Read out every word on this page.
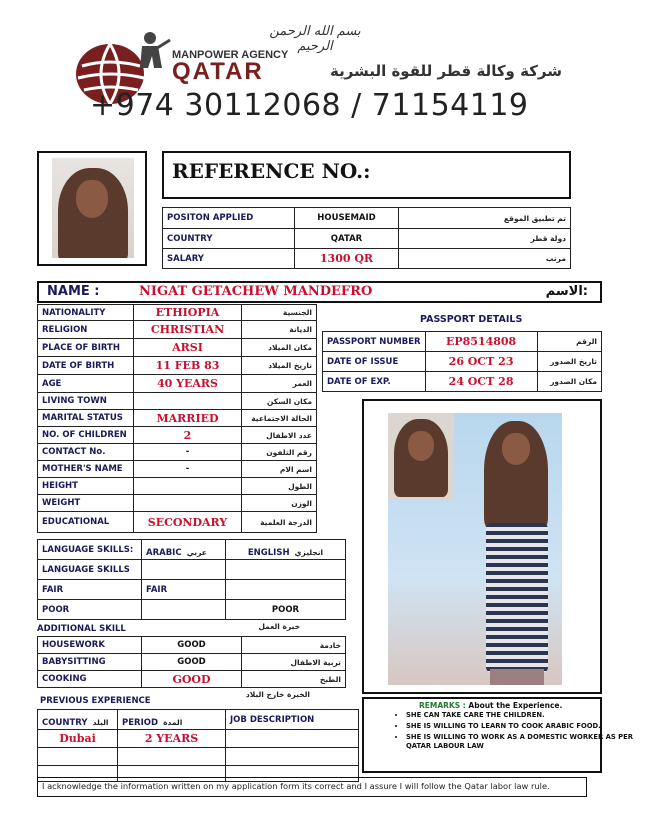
بسم الله الرحمن الرحيم
MANPOWER AGENCY
QATAR	شركة وكالة قطر للقوة البشرية
+974 30112068 / 71154119
REFERENCE NO.:
POSITON APPLIED	HOUSEMAID	تم تطبيق الموقع
COUNTRY	QATAR	دولة قطر
SALARY	1300 QR	مرتب
NAME :	NIGAT GETACHEW MANDEFRO	الاسم:
NATIONALITY	ETHIOPIA	الجنسية
RELIGION	CHRISTIAN	الديانة
PLACE OF BIRTH	ARSI	مكان الميلاد
DATE OF BIRTH	11 FEB 83	تاريخ الميلاد
AGE	40 YEARS	العمر
LIVING TOWN		مكان السكن
MARITAL STATUS	MARRIED	الحالة الاجتماعية
NO. OF CHILDREN	2	عدد الاطفال
CONTACT No.	-	رقم التلفون
MOTHER'S NAME	-	اسم الام
HEIGHT		الطول
WEIGHT		الوزن
EDUCATIONAL	SECONDARY	الدرجة العلمية
PASSPORT DETAILS
PASSPORT NUMBER	EP8514808	الرقم
DATE OF ISSUE	26 OCT 23	تاريخ الصدور
DATE OF EXP.	24 OCT 28	مكان الصدور
LANGUAGE SKILLS:	ARABIC عربي	ENGLISH انجليزي
LANGUAGE SKILLS		
FAIR	FAIR	
POOR		POOR
ADDITIONAL SKILL	خبرة العمل
HOUSEWORK	GOOD	خادمة
BABYSITTING	GOOD	تربية الاطفال
COOKING	GOOD	الطبخ
PREVIOUS EXPERIENCE
الخبرة خارج البلاد
COUNTRY البلد	PERIOD المدة	JOB DESCRIPTION
Dubai	2 YEARS	

REMARKS : About the Experience.
• SHE CAN TAKE CARE THE CHILDREN.
• SHE IS WILLING TO LEARN TO COOK ARABIC FOOD.
• SHE IS WILLING TO WORK AS A DOMESTIC WORKER AS PER QATAR LABOUR LAW
I acknowledge the information written on my application form its correct and I assure I will follow the Qatar labor law rule.
